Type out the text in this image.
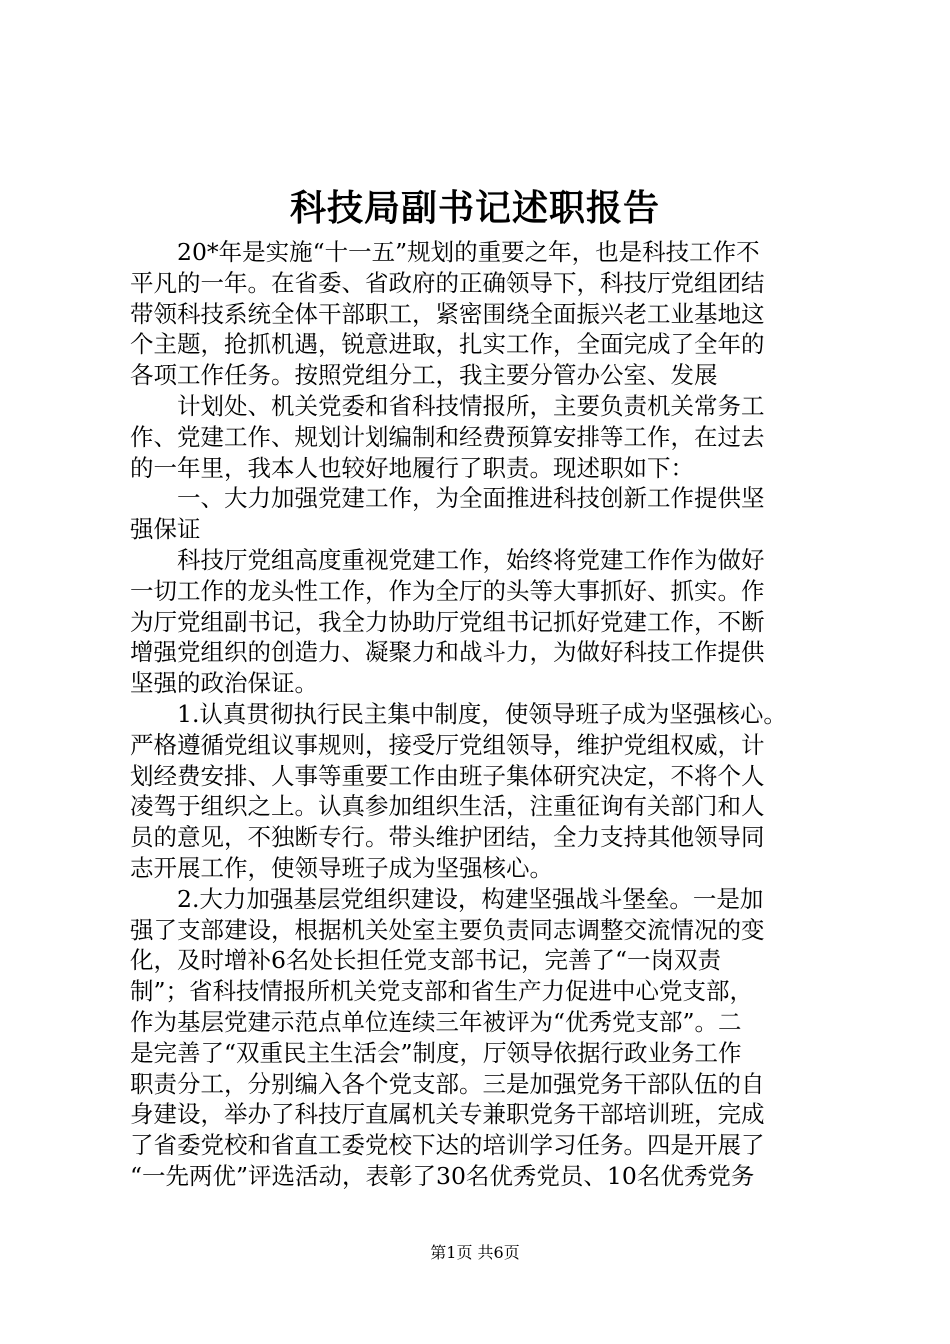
科技局副书记述职报告

　　20*年是实施“十一五”规划的重要之年，也是科技工作不

平凡的一年。在省委、省政府的正确领导下，科技厅党组团结

带领科技系统全体干部职工，紧密围绕全面振兴老工业基地这

个主题，抢抓机遇，锐意进取，扎实工作，全面完成了全年的

各项工作任务。按照党组分工，我主要分管办公室、发展

　　计划处、机关党委和省科技情报所，主要负责机关常务工

作、党建工作、规划计划编制和经费预算安排等工作，在过去

的一年里，我本人也较好地履行了职责。现述职如下：

　　一、大力加强党建工作，为全面推进科技创新工作提供坚

强保证

　　科技厅党组高度重视党建工作，始终将党建工作作为做好

一切工作的龙头性工作，作为全厅的头等大事抓好、抓实。作

为厅党组副书记，我全力协助厅党组书记抓好党建工作，不断

增强党组织的创造力、凝聚力和战斗力，为做好科技工作提供

坚强的政治保证。

　　1.认真贯彻执行民主集中制度，使领导班子成为坚强核心。

严格遵循党组议事规则，接受厅党组领导，维护党组权威，计

划经费安排、人事等重要工作由班子集体研究决定，不将个人

凌驾于组织之上。认真参加组织生活，注重征询有关部门和人

员的意见，不独断专行。带头维护团结，全力支持其他领导同

志开展工作，使领导班子成为坚强核心。

　　2.大力加强基层党组织建设，构建坚强战斗堡垒。一是加

强了支部建设，根据机关处室主要负责同志调整交流情况的变

化，及时增补6名处长担任党支部书记，完善了“一岗双责

制”；省科技情报所机关党支部和省生产力促进中心党支部，

作为基层党建示范点单位连续三年被评为“优秀党支部”。二

是完善了“双重民主生活会”制度，厅领导依据行政业务工作

职责分工，分别编入各个党支部。三是加强党务干部队伍的自

身建设，举办了科技厅直属机关专兼职党务干部培训班，完成

了省委党校和省直工委党校下达的培训学习任务。四是开展了

“一先两优”评选活动，表彰了30名优秀党员、10名优秀党务

第1页 共6页
